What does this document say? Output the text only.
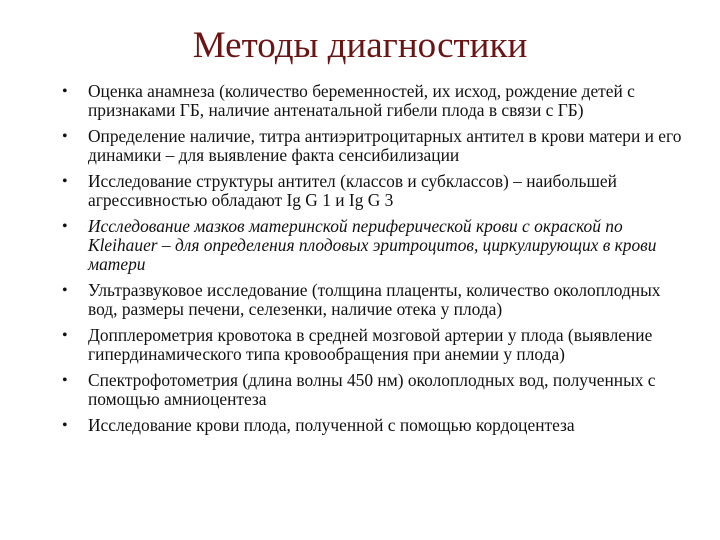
Методы диагностики
• Оценка анамнеза (количество беременностей, их исход, рождение детей с признаками ГБ, наличие антенатальной гибели плода в связи с ГБ)
• Определение наличие, титра антиэритроцитарных антител в крови матери и его динамики – для выявление факта сенсибилизации
• Исследование структуры антител (классов и субклассов) – наибольшей агрессивностью обладают Ig G 1 и Ig G 3
• Исследование мазков материнской периферической крови с окраской по Kleihauer – для определения плодовых эритроцитов, циркулирующих в крови матери
• Ультразвуковое исследование (толщина плаценты, количество околоплодных вод, размеры печени, селезенки, наличие отека у плода)
• Допплерометрия кровотока в средней мозговой артерии у плода (выявление гипердинамического типа кровообращения при анемии у плода)
• Спектрофотометрия (длина волны 450 нм) околоплодных вод, полученных с помощью амниоцентеза
• Исследование крови плода, полученной с помощью кордоцентеза
